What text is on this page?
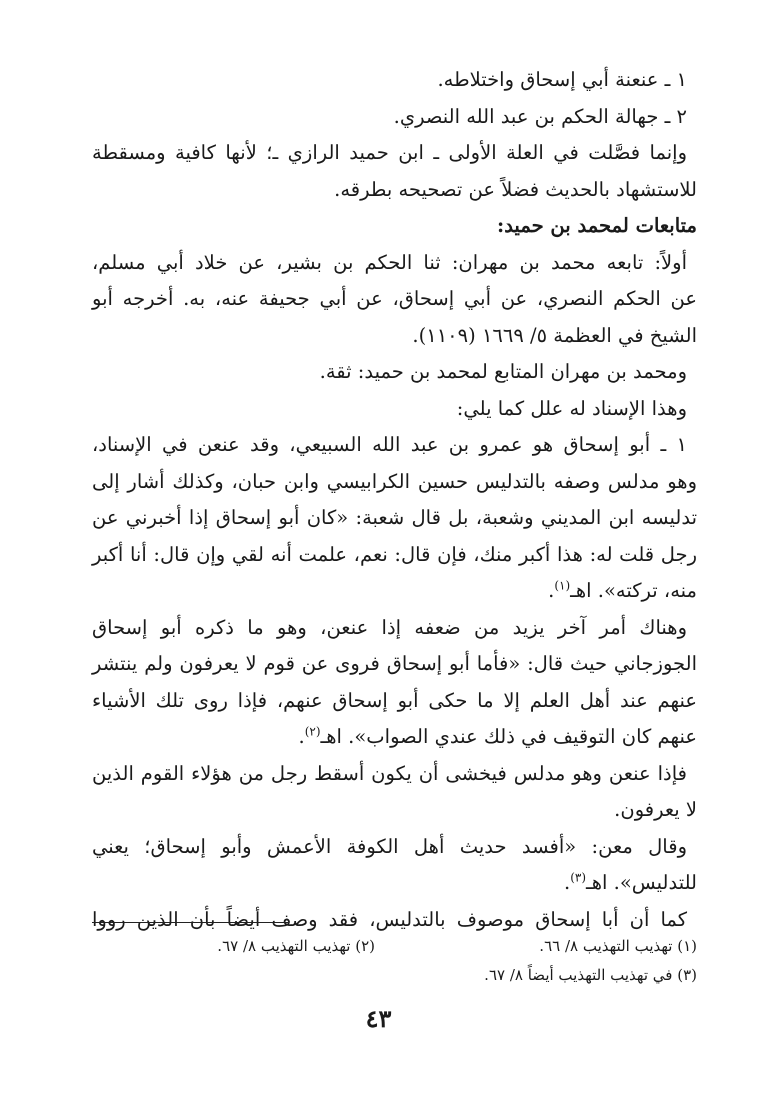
١ ـ عنعنة أبي إسحاق واختلاطه.
٢ ـ جهالة الحكم بن عبد الله النصري.
وإنما فصَّلت في العلة الأولى ـ ابن حميد الرازي ـ؛ لأنها كافية ومسقطة
للاستشهاد بالحديث فضلاً عن تصحيحه بطرقه.
متابعات لمحمد بن حميد:
أولاً: تابعه محمد بن مهران: ثنا الحكم بن بشير، عن خلاد أبي مسلم،
عن الحكم النصري، عن أبي إسحاق، عن أبي جحيفة عنه، به. أخرجه أبو
الشيخ في العظمة ٥/ ١٦٦٩ (١١٠٩).
ومحمد بن مهران المتابع لمحمد بن حميد: ثقة.
وهذا الإسناد له علل كما يلي:
١ ـ أبو إسحاق هو عمرو بن عبد الله السبيعي، وقد عنعن في الإسناد،
وهو مدلس وصفه بالتدليس حسين الكرابيسي وابن حبان، وكذلك أشار إلى
تدليسه ابن المديني وشعبة، بل قال شعبة: «كان أبو إسحاق إذا أخبرني عن
رجل قلت له: هذا أكبر منك، فإن قال: نعم، علمت أنه لقي وإن قال: أنا أكبر
منه، تركته». اهـ$^{(١)}$.
وهناك أمر آخر يزيد من ضعفه إذا عنعن، وهو ما ذكره أبو إسحاق
الجوزجاني حيث قال: «فأما أبو إسحاق فروى عن قوم لا يعرفون ولم ينتشر
عنهم عند أهل العلم إلا ما حكى أبو إسحاق عنهم، فإذا روى تلك الأشياء
عنهم كان التوقيف في ذلك عندي الصواب». اهـ$^{(٢)}$.
فإذا عنعن وهو مدلس فيخشى أن يكون أسقط رجل من هؤلاء القوم الذين
لا يعرفون.
وقال معن: «أفسد حديث أهل الكوفة الأعمش وأبو إسحاق؛ يعني
للتدليس». اهـ$^{(٣)}$.
كما أن أبا إسحاق موصوف بالتدليس، فقد وصف أيضاً بأن الذين رووا
(١) تهذيب التهذيب ٨/ ٦٦.
(٢) تهذيب التهذيب ٨/ ٦٧.
(٣) في تهذيب التهذيب أيضاً ٨/ ٦٧.
٤٣
